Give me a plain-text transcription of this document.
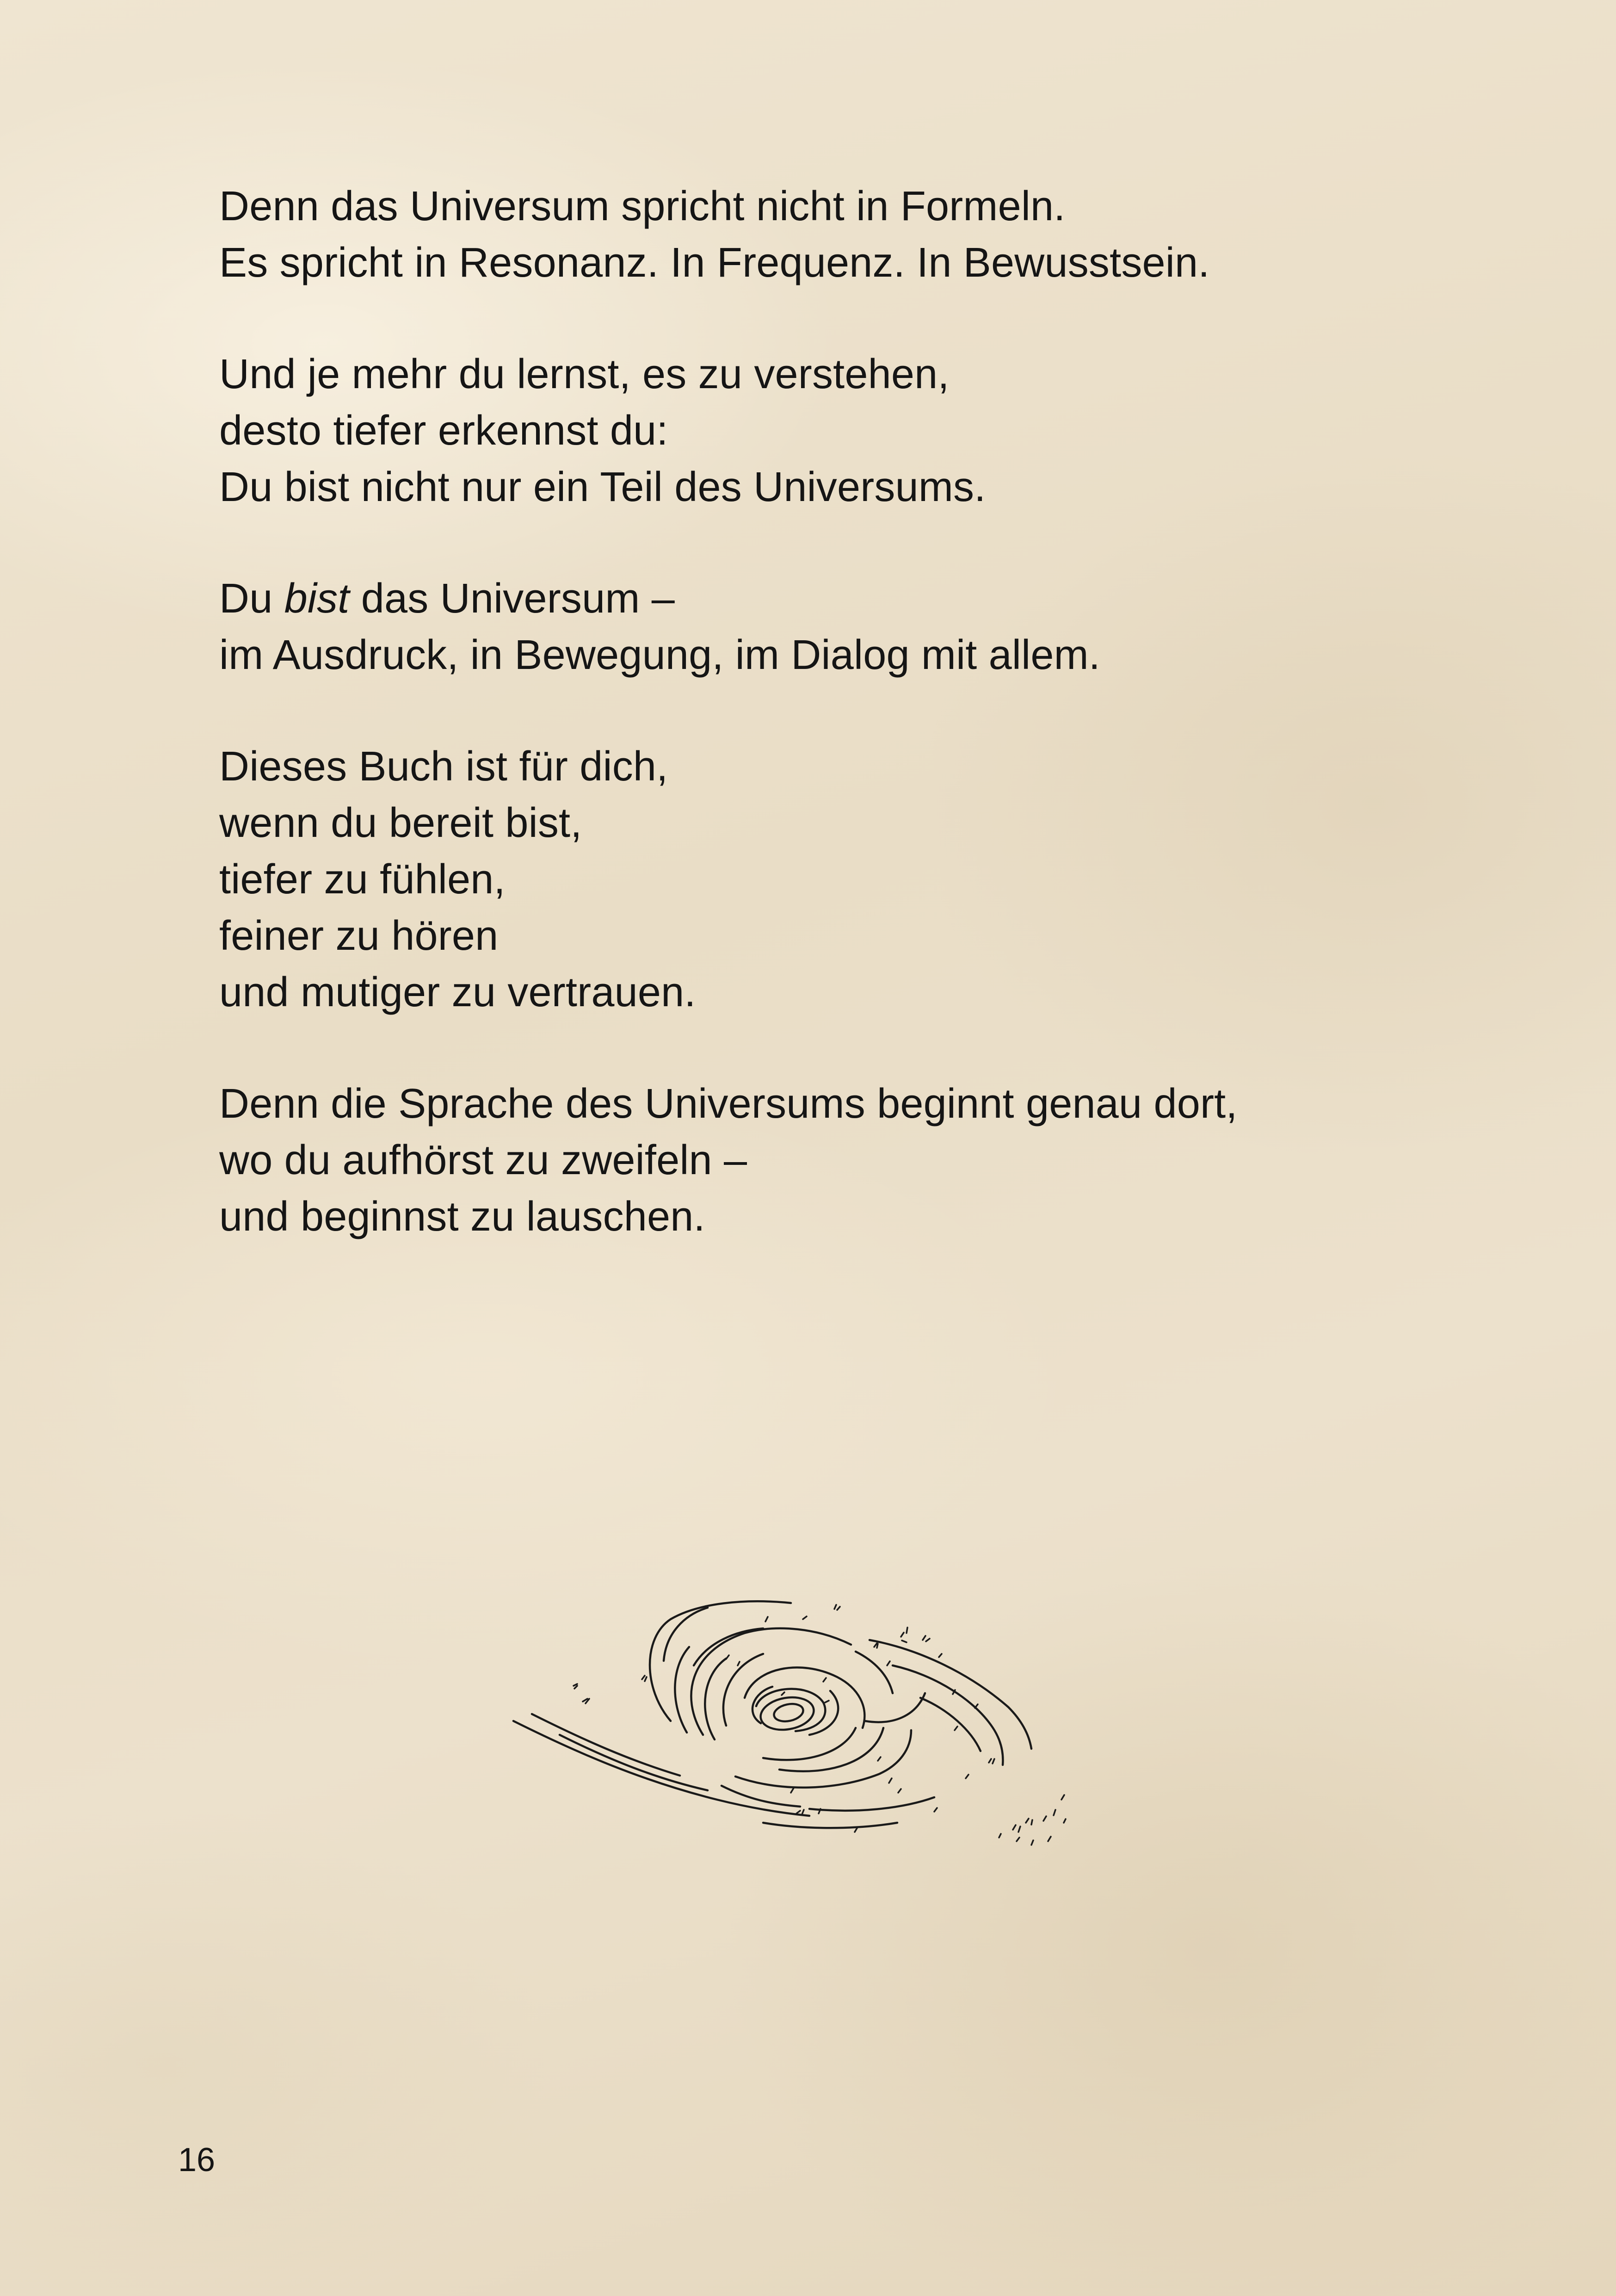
Denn das Universum spricht nicht in Formeln.
Es spricht in Resonanz. In Frequenz. In Bewusstsein.
Und je mehr du lernst, es zu verstehen,
desto tiefer erkennst du:
Du bist nicht nur ein Teil des Universums.
Du bist das Universum –
im Ausdruck, in Bewegung, im Dialog mit allem.
Dieses Buch ist für dich,
wenn du bereit bist,
tiefer zu fühlen,
feiner zu hören
und mutiger zu vertrauen.
Denn die Sprache des Universums beginnt genau dort,
wo du aufhörst zu zweifeln –
und beginnst zu lauschen.
16
